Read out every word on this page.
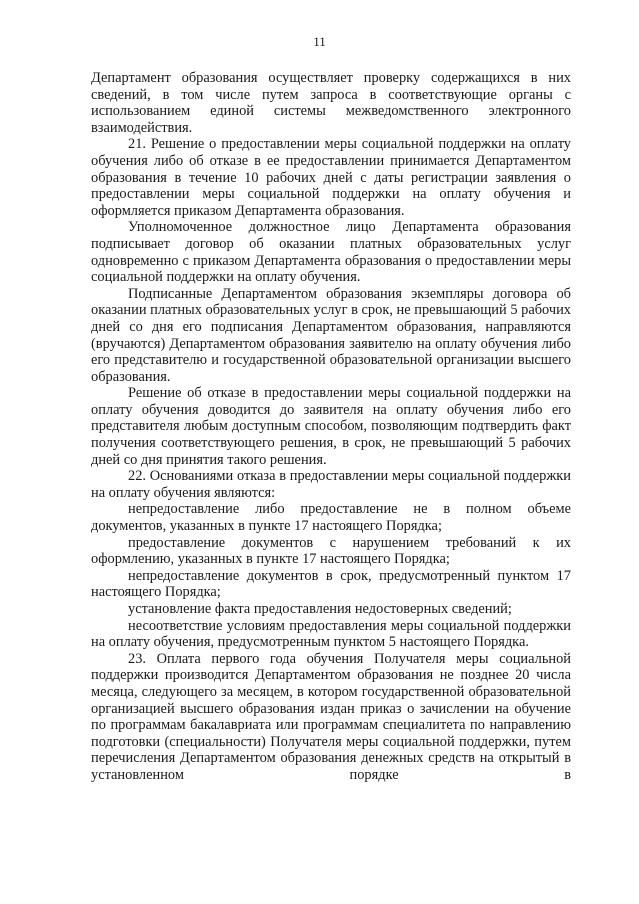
11

Департамент образования осуществляет проверку содержащихся в них сведений, в том числе путем запроса в соответствующие органы с использованием единой системы межведомственного электронного взаимодействия.

21. Решение о предоставлении меры социальной поддержки на оплату обучения либо об отказе в ее предоставлении принимается Департаментом образования в течение 10 рабочих дней с даты регистрации заявления о предоставлении меры социальной поддержки на оплату обучения и оформляется приказом Департамента образования.

Уполномоченное должностное лицо Департамента образования подписывает договор об оказании платных образовательных услуг одновременно с приказом Департамента образования о предоставлении меры социальной поддержки на оплату обучения.

Подписанные Департаментом образования экземпляры договора об оказании платных образовательных услуг в срок, не превышающий 5 рабочих дней со дня его подписания Департаментом образования, направляются (вручаются) Департаментом образования заявителю на оплату обучения либо его представителю и государственной образовательной организации высшего образования.

Решение об отказе в предоставлении меры социальной поддержки на оплату обучения доводится до заявителя на оплату обучения либо его представителя любым доступным способом, позволяющим подтвердить факт получения соответствующего решения, в срок, не превышающий 5 рабочих дней со дня принятия такого решения.

22. Основаниями отказа в предоставлении меры социальной поддержки на оплату обучения являются:

непредоставление либо предоставление не в полном объеме документов, указанных в пункте 17 настоящего Порядка;

предоставление документов с нарушением требований к их оформлению, указанных в пункте 17 настоящего Порядка;

непредоставление документов в срок, предусмотренный пунктом 17 настоящего Порядка;

установление факта предоставления недостоверных сведений;

несоответствие условиям предоставления меры социальной поддержки на оплату обучения, предусмотренным пунктом 5 настоящего Порядка.

23. Оплата первого года обучения Получателя меры социальной поддержки производится Департаментом образования не позднее 20 числа месяца, следующего за месяцем, в котором государственной образовательной организацией высшего образования издан приказ о зачислении на обучение по программам бакалавриата или программам специалитета по направлению подготовки (специальности) Получателя меры социальной поддержки, путем перечисления Департаментом образования денежных средств на открытый в установленном порядке в
